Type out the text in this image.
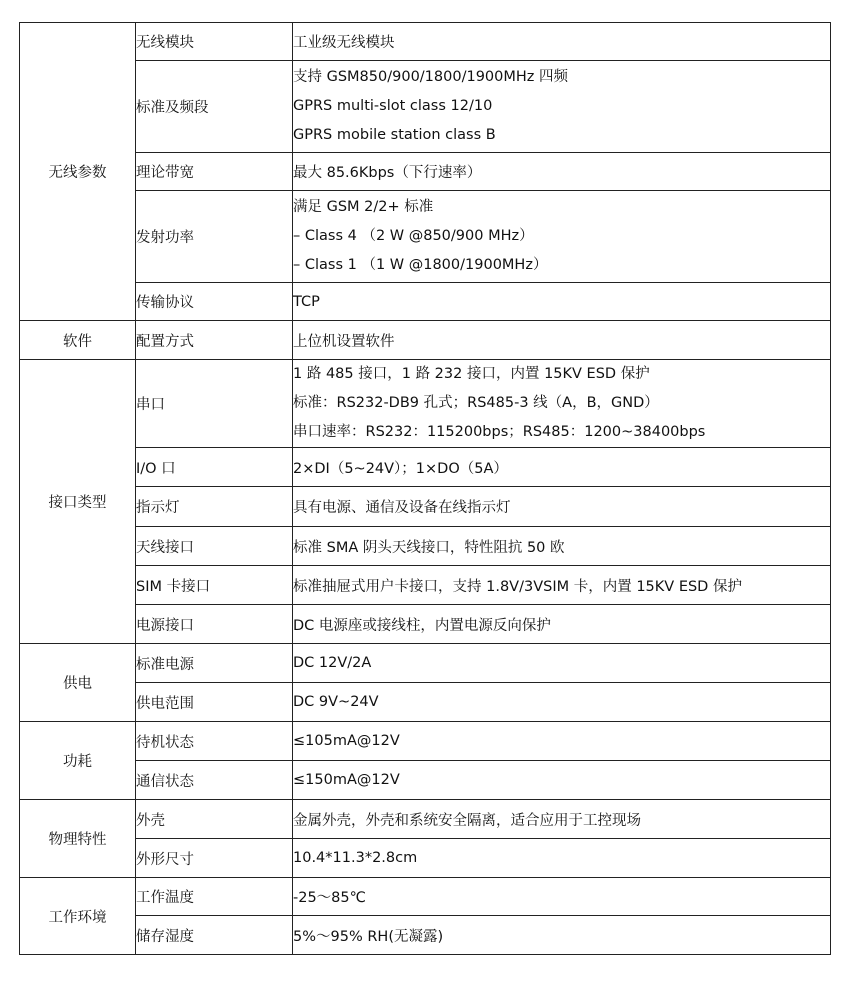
无线参数	无线模块	工业级无线模块

	标准及频段	支持 GSM850/900/1800/1900MHz 四频
GPRS multi-slot class 12/10
GPRS mobile station class B

	理论带宽	最大 85.6Kbps（下行速率）

	发射功率	满足 GSM 2/2+ 标准
– Class 4 （2 W @850/900 MHz）
– Class 1 （1 W @1800/1900MHz）

	传输协议	TCP

软件	配置方式	上位机设置软件

接口类型	串口	1 路 485 接口，1 路 232 接口，内置 15KV ESD 保护
标准：RS232-DB9 孔式；RS485-3 线（A，B，GND）
串口速率：RS232：115200bps；RS485：1200~38400bps

	I/O 口	2×DI（5~24V）；1×DO（5A）

	指示灯	具有电源、通信及设备在线指示灯

	天线接口	标准 SMA 阴头天线接口，特性阻抗 50 欧

	SIM 卡接口	标准抽屉式用户卡接口，支持 1.8V/3VSIM 卡，内置 15KV ESD 保护

	电源接口	DC 电源座或接线柱，内置电源反向保护

供电	标准电源	DC 12V/2A

	供电范围	DC 9V~24V

功耗	待机状态	≤105mA@12V

	通信状态	≤150mA@12V

物理特性	外壳	金属外壳，外壳和系统安全隔离，适合应用于工控现场

	外形尺寸	10.4*11.3*2.8cm

工作环境	工作温度	-25～85℃

	储存湿度	5%～95% RH(无凝露)
